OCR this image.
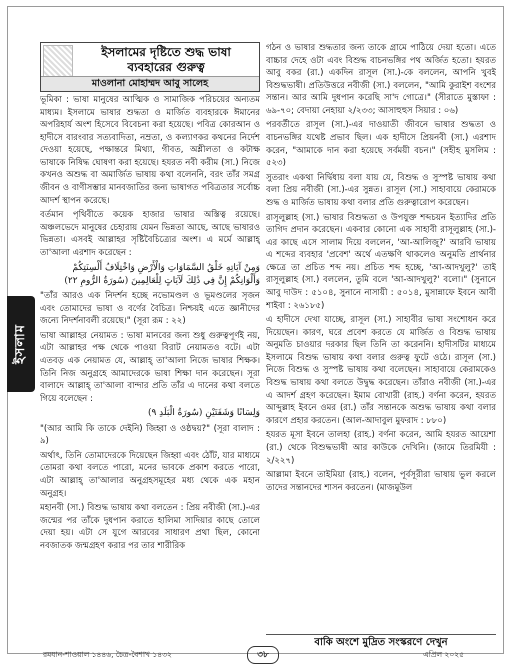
ইসলাম
ইসলামের দৃষ্টিতে শুদ্ধ ভাষা
ব্যবহারের গুরুত্ব
মাওলানা মোহাম্মদ আবু সালেহ

ভূমিকা : ভাষা মানুষের আত্মিক ও সামাজিক পরিচয়ের অন্যতম মাধ্যম। ইসলামে ভাষার শুদ্ধতা ও মার্জিত ব্যবহারকে ঈমানের অপরিহার্য অংশ হিসেবে বিবেচনা করা হয়েছে। পবিত্র কোরআন ও হাদীসে বারংবার সত্যবাদিতা, নম্রতা, ও কল্যাণকর কথনের নির্দেশ দেওয়া হয়েছে, পক্ষান্তরে মিথ্যা, গীবত, অশ্লীলতা ও কটাক্ষ ভাষাকে নিষিদ্ধ ঘোষণা করা হয়েছে। হযরত নবী করীম (সা.) নিজে কখনও অশুদ্ধ বা অমার্জিত ভাষায় কথা বলেননি, বরং তাঁর সমগ্র জীবন ও বাণীসম্ভার মানবজাতির জন্য ভাষাগত পবিত্রতার সর্বোচ্চ আদর্শ স্থাপন করেছে।

বর্তমান পৃথিবীতে কয়েক হাজার ভাষার অস্তিত্ব রয়েছে। অঞ্চলভেদে মানুষের চেহারায় যেমন ভিন্নতা আছে, আছে ভাষারও ভিন্নতা। এসবই আল্লাহর সৃষ্টিবৈচিত্র্যের অংশ। এ মর্মে আল্লাহ্ তা'আলা এরশাদ করেছেন :

وَمِنْ آيَاتِهِ خَلْقُ السَّمَاوَاتِ وَالْأَرْضِ وَاخْتِلَافُ أَلْسِنَتِكُمْ وَأَلْوَانِكُمْ إِنَّ فِي ذَٰلِكَ لَآيَاتٍ لِلْعَالِمِينَ (سُورَةُ الرُّومِ ٢٢)

"তাঁর আরও এক নিদর্শন হচ্ছে নভোমণ্ডল ও ভূমণ্ডলের সৃজন এবং তোমাদের ভাষা ও বর্ণের বৈচিত্র। নিশ্চয়ই এতে জ্ঞানীদের জন্যে নিদর্শনাবলী রয়েছে।" (সূরা রূম : ২২)

ভাষা আল্লাহর নেয়ামত : ভাষা মানবের জন্য শুধু গুরুত্বপূর্ণই নয়, এটা আল্লাহর পক্ষ থেকে পাওয়া বিরাট নেয়ামতও বটে। এটা এতবড় এক নেয়ামত যে, আল্লাহ্ তা'আলা নিজে ভাষার শিক্ষক। তিনি নিজ অনুগ্রহে আমাদেরকে ভাষা শিক্ষা দান করেছেন। সূরা বালাদে আল্লাহ্ তা'আলা বান্দার প্রতি তাঁর এ দানের কথা বলতে গিয়ে বলেছেন :

وَلِسَانًا وَشَفَتَيْنِ (سُورَةُ الْبَلَدِ ٩)

"(আর আমি কি তাকে দেইনি) জিহ্বা ও ওষ্ঠদ্বয়?" (সূরা বালাদ : ৯)

অর্থাৎ, তিনি তোমাদেরকে দিয়েছেন জিহ্বা এবং ঠোঁট, যার মাধ্যমে তোমরা কথা বলতে পারো, মনের ভাবকে প্রকাশ করতে পারো, এটা আল্লাহ্ তা'আলার অনুগ্রহসমূহের মধ্য থেকে এক মহান অনুগ্রহ।

মহানবী (সা.) বিশুদ্ধ ভাষায় কথা বলতেন : প্রিয় নবীজী (সা.)-এর জন্মের পর তাঁকে দুধপান করাতে হালিমা সাদিয়ার কাছে তোলে দেয়া হয়। এটা সে যুগে আরবের সাধারণ প্রথা ছিল, কোনো নবজাতক জন্মগ্রহণ করার পর তার শারীরিক

গঠন ও ভাষার শুদ্ধতার জন্য তাকে গ্রামে পাঠিয়ে দেয়া হতো। এতে বাচ্চার দেহে ওটা এবং বিশুদ্ধ বাচনভঙ্গির পথ অর্জিত হতো। হযরত আবু বকর (রা.) একদিন রাসূল (সা.)-কে বললেন, আপনি খুবই বিশুদ্ধভাষী। প্রতিউত্তরে নবীজী (সা.) বললেন, "আমি কুরাইশ বংশের সন্তান। আর আমি দুধপান করেছি সা'দ গোত্রে।" (সীরাতে মুস্তাফা : ৬৯-৭০; বেদায়া নেহায়া ২/২৩৩; আসাহুহুস সিয়ার : ০৬)

পরবর্তীতে রাসূল (সা.)-এর দাওয়াতী জীবনে ভাষার শুদ্ধতা ও বাচনভঙ্গির যথেষ্ট প্রভাব ছিল। এক হাদীসে প্রিয়নবী (সা.) এরশাদ করেন, "আমাকে দান করা হয়েছে সর্বময়ী বচন।" (সহীহ মুসলিম : ৫২৩)

সুতরাং একথা নির্দ্বিধায় বলা যায় যে, বিশুদ্ধ ও সুস্পষ্ট ভাষায় কথা বলা প্রিয় নবীজী (সা.)-এর সুন্নত। রাসূল (সা.) সাহাবায়ে কেরামকে শুদ্ধ ও মার্জিত ভাষায় কথা বলার প্রতি গুরুত্বারোপ করেছেন।

রাসূলুল্লাহ (সা.) ভাষার বিশুদ্ধতা ও উপযুক্ত শব্দচয়ন ইত্যাদির প্রতি তাগিদ প্রদান করেছেন। একবার কোনো এক সাহাবী রাসূলুল্লাহ (সা.)-এর কাছে এসে সালাম দিয়ে বললেন, 'আ-আলিজু?' আরবি ভাষায় এ শব্দের ব্যবহার 'প্রবেশ' অর্থে এতক্ষণি থাকলেও অনুমতি প্রার্থনার ক্ষেত্রে তা প্রচিত শব্দ নয়। প্রচিত শব্দ হচ্ছে, 'আ-আদখুলু?' তাই রাসূলুল্লাহ (সা.) বললেন, তুমি বলে 'আ-আদখুলু?' বলো।" (সুনানে আবু দাউদ : ৫১০৪, সুনানে নাসায়ী : ৫০১৪, মুসান্নাফে ইবনে আবী শাইবা : ২৬১৮৫)

এ হাদীসে দেখা যাচ্ছে, রাসূল (সা.) সাহাবীর ভাষা সংশোধন করে দিয়েছেন। কারণ, ঘরে প্রবেশ করতে যে মার্জিত ও বিশুদ্ধ ভাষায় অনুমতি চাওয়ার দরকার ছিল তিনি তা করেননি। হাদীসটির মাধ্যমে ইসলামে বিশুদ্ধ ভাষায় কথা বলার গুরুত্ব ফুটে ওঠে। রাসূল (সা.) নিজে বিশুদ্ধ ও সুস্পষ্ট ভাষায় কথা বলেছেন। সাহাবায়ে কেরামকেও বিশুদ্ধ ভাষায় কথা বলতে উদ্বুদ্ধ করেছেন। তাঁরাও নবীজী (সা.)-এর এ আদর্শ গ্রহণ করেছেন। ইমাম বোখারী (রাহ.) বর্ণনা করেন, হযরত আব্দুল্লাহ ইবনে ওমর (রা.) তাঁর সন্তানকে অশুদ্ধ ভাষায় কথা বলার কারণে প্রহার করতেন। (আল-আদাবুল মুফরাদ : ৮৮০)

হযরত মূসা ইবনে তালহা (রাহ.) বর্ণনা করেন, আমি হযরত আয়েশা (রা.) থেকে বিশুদ্ধভাষী আর কাউকে দেখিনি। (জামে তিরমিযী : ২/২২৭)

আল্লামা ইবনে তাইমিয়া (রাহ.) বলেন, পূর্বসূরীরা ভাষায় ভুল করলে তাদের সন্তানদের শাসন করতেন। (মাজমুউল

বাকি অংশে মুদ্রিত সংস্করণে দেখুন
রমযান-শাওয়াল ১৪৪৬, চৈত্র-বৈশাখ ১৪৩২	৩৮	এপ্রিল ২০২৫
